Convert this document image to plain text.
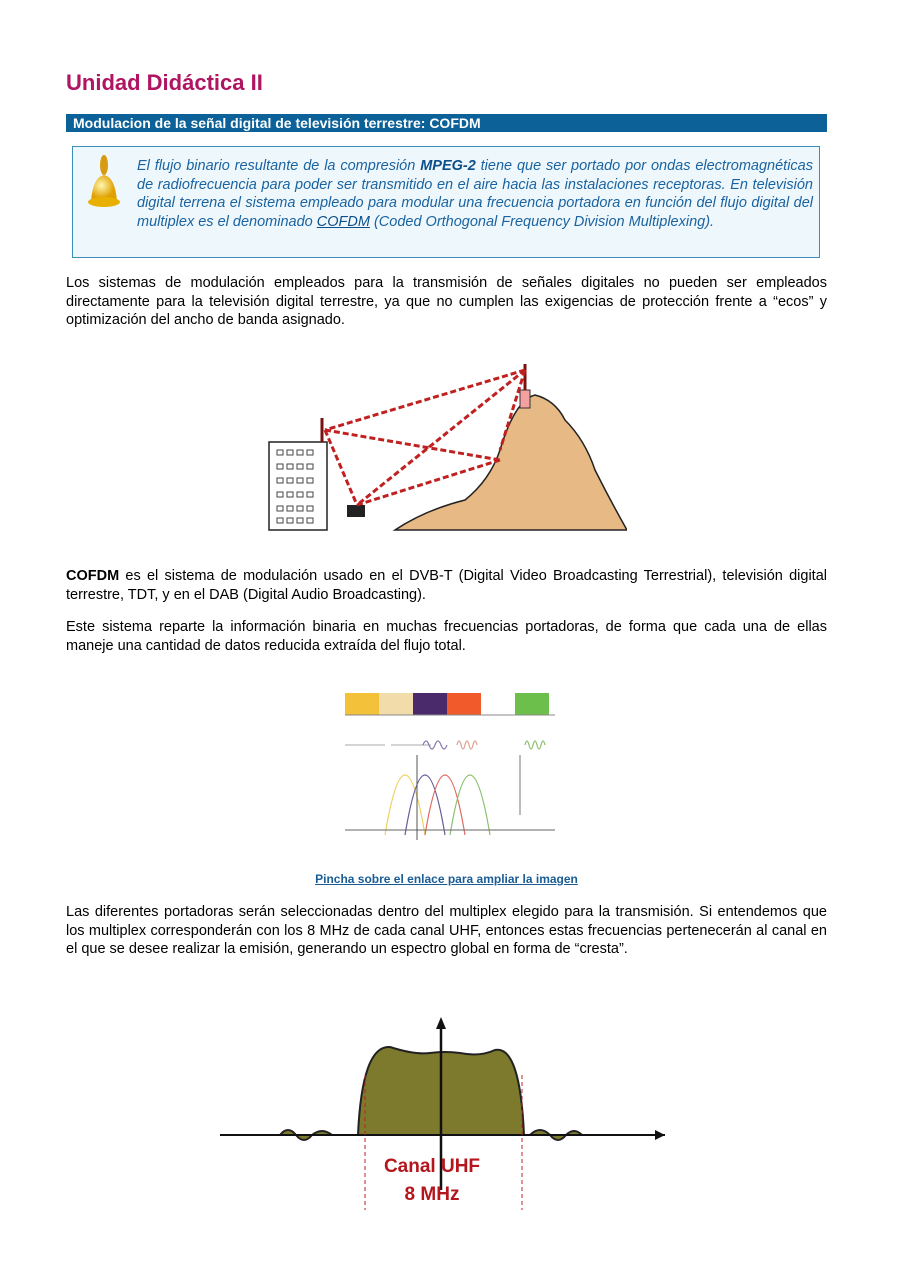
Unidad Didáctica II
Modulacion de la señal digital de televisión terrestre: COFDM
El flujo binario resultante de la compresión MPEG-2 tiene que ser portado por ondas electromagnéticas de radiofrecuencia para poder ser transmitido en el aire hacia las instalaciones receptoras. En televisión digital terrena el sistema empleado para modular una frecuencia portadora en función del flujo digital del multiplex es el denominado COFDM (Coded Orthogonal Frequency Division Multiplexing).
Los sistemas de modulación empleados para la transmisión de señales digitales no pueden ser empleados directamente para la televisión digital terrestre, ya que no cumplen las exigencias de protección frente a “ecos” y optimización del ancho de banda asignado.
COFDM es el sistema de modulación usado en el DVB-T (Digital Video Broadcasting Terrestrial), televisión digital terrestre, TDT, y en el DAB (Digital Audio Broadcasting).
Este sistema reparte la información binaria en muchas frecuencias portadoras, de forma que cada una de ellas maneje una cantidad de datos reducida extraída del flujo total.
Pincha sobre el enlace para ampliar la imagen
Las diferentes portadoras serán seleccionadas dentro del multiplex elegido para la transmisión. Si entendemos que los multiplex corresponderán con los 8 MHz de cada canal UHF, entonces estas frecuencias pertenecerán al canal en el que se desee realizar la emisión, generando un espectro global en forma de “cresta”.
Canal UHF
8 MHz
